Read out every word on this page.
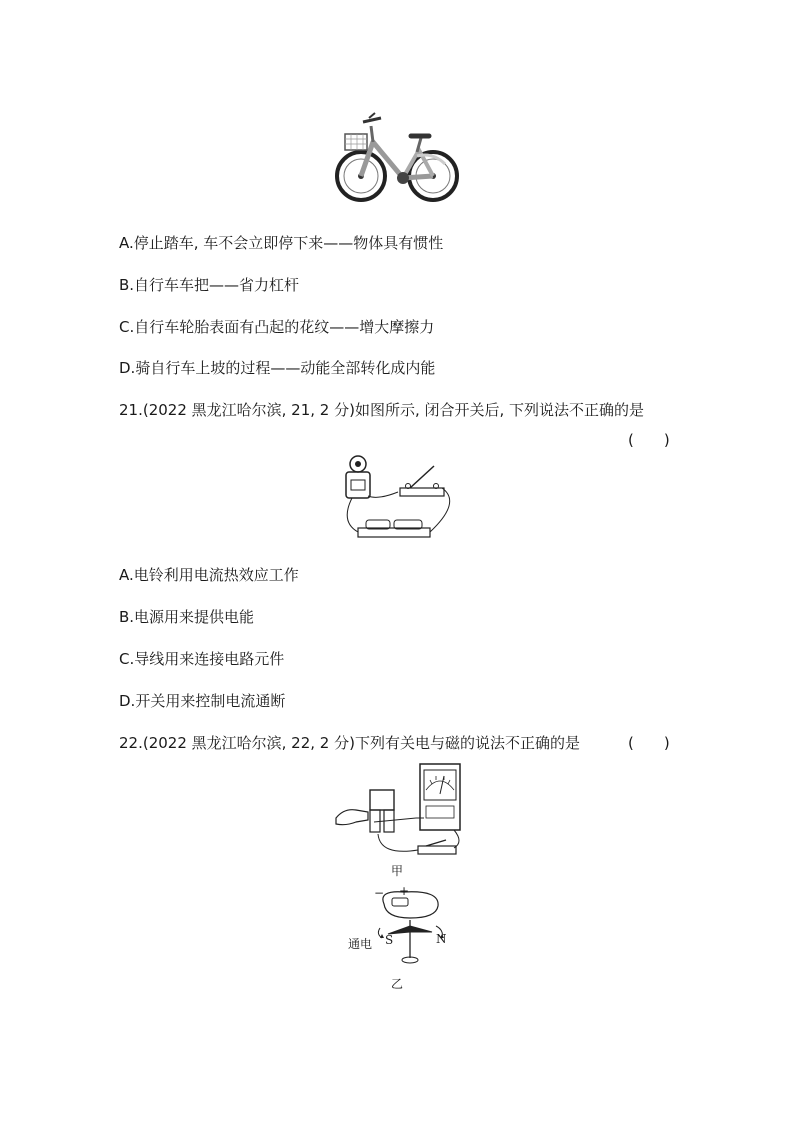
A.停止踏车, 车不会立即停下来——物体具有惯性
B.自行车车把——省力杠杆
C.自行车轮胎表面有凸起的花纹——增大摩擦力
D.骑自行车上坡的过程——动能全部转化成内能
21.(2022 黑龙江哈尔滨, 21, 2 分)如图所示, 闭合开关后, 下列说法不正确的是
(　　)
A.电铃利用电流热效应工作
B.电源用来提供电能
C.导线用来连接电路元件
D.开关用来控制电流通断
22.(2022 黑龙江哈尔滨, 22, 2 分)下列有关电与磁的说法不正确的是	(　　)
甲
− +
通电 S	N
乙
